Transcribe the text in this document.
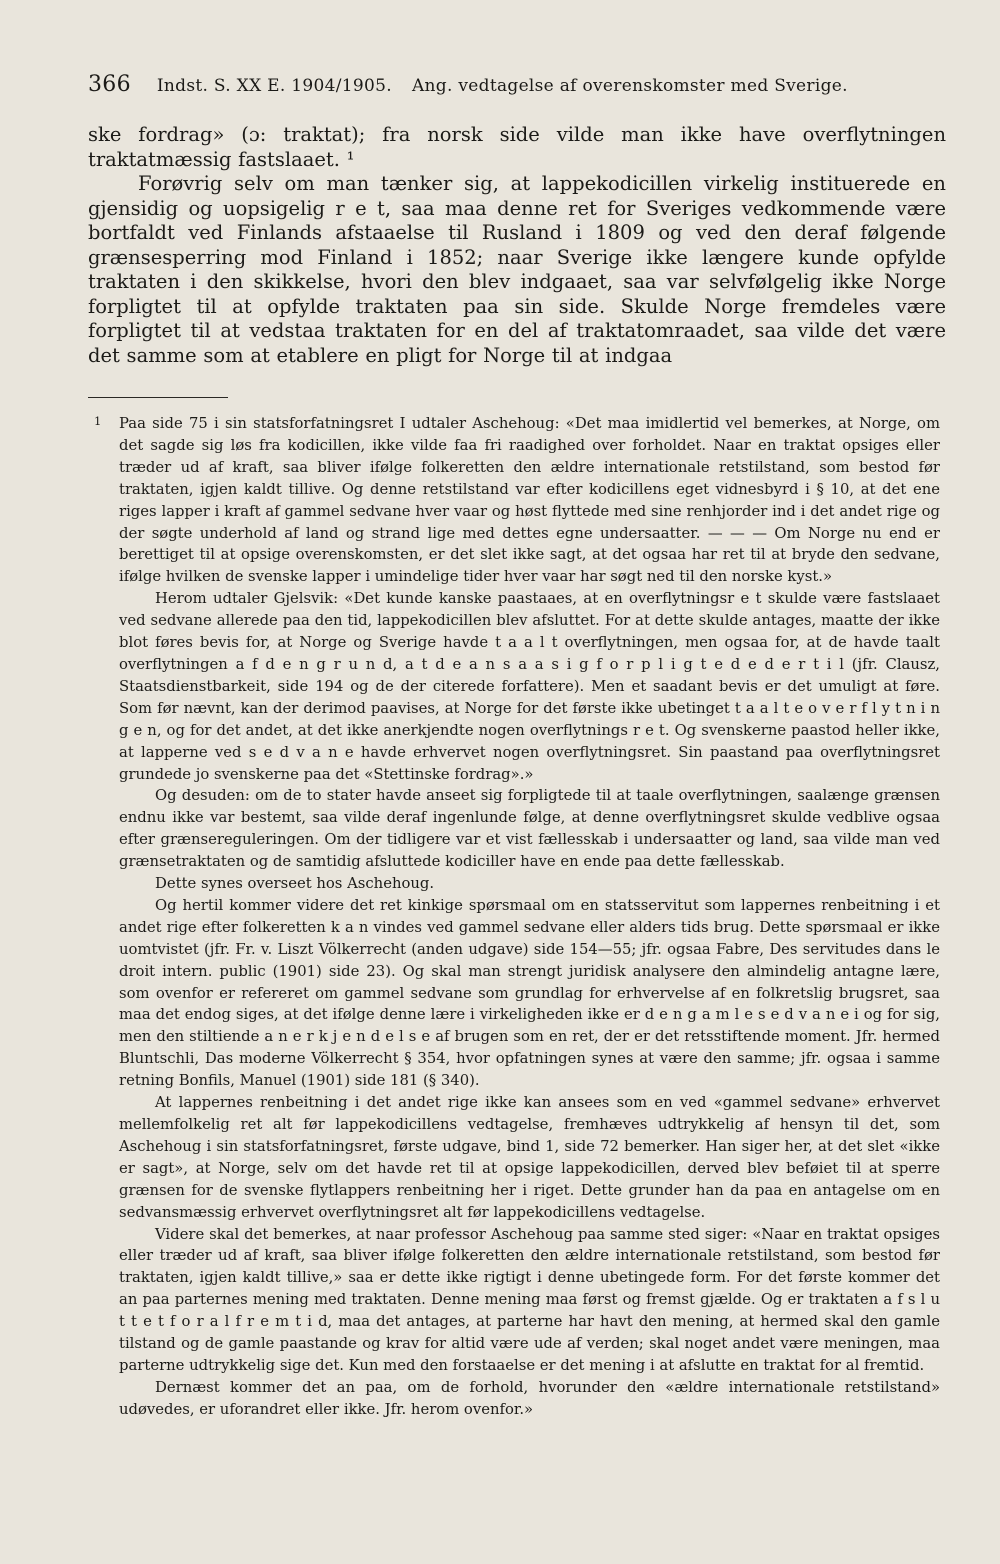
366 Indst. S. XX E. 1904/1905. Ang. vedtagelse af overenskomster med Sverige.

ske fordrag» (ɔ: traktat); fra norsk side vilde man ikke have overflytningen traktatmæssig fastslaaet. ¹

Forøvrig selv om man tænker sig, at lappekodicillen virkelig instituerede en gjensidig og uopsigelig r e t, saa maa denne ret for Sveriges vedkommende være bortfaldt ved Finlands afstaaelse til Rusland i 1809 og ved den deraf følgende grænsesperring mod Finland i 1852; naar Sverige ikke længere kunde opfylde traktaten i den skikkelse, hvori den blev indgaaet, saa var selvfølgelig ikke Norge forpligtet til at opfylde traktaten paa sin side. Skulde Norge fremdeles være forpligtet til at vedstaa traktaten for en del af traktatomraadet, saa vilde det være det samme som at etablere en pligt for Norge til at indgaa

1 Paa side 75 i sin statsforfatningsret I udtaler Aschehoug: «Det maa imidlertid vel bemerkes, at Norge, om det sagde sig løs fra kodicillen, ikke vilde faa fri raadighed over forholdet. Naar en traktat opsiges eller træder ud af kraft, saa bliver ifølge folkeretten den ældre internationale retstilstand, som bestod før traktaten, igjen kaldt tillive. Og denne retstilstand var efter kodicillens eget vidnesbyrd i § 10, at det ene riges lapper i kraft af gammel sedvane hver vaar og høst flyttede med sine renhjorder ind i det andet rige og der søgte underhold af land og strand lige med dettes egne undersaatter. — — — Om Norge nu end er berettiget til at opsige overenskomsten, er det slet ikke sagt, at det ogsaa har ret til at bryde den sedvane, ifølge hvilken de svenske lapper i umindelige tider hver vaar har søgt ned til den norske kyst.»

Herom udtaler Gjelsvik: «Det kunde kanske paastaaes, at en overflytningsr e t skulde være fastslaaet ved sedvane allerede paa den tid, lappekodicillen blev afsluttet. For at dette skulde antages, maatte der ikke blot føres bevis for, at Norge og Sverige havde t a a l t overflytningen, men ogsaa for, at de havde taalt overflytningen a f d e n g r u n d, a t d e a n s a a s i g f o r p l i g t e d e d e r t i l (jfr. Clausz, Staatsdienstbarkeit, side 194 og de der citerede forfattere). Men et saadant bevis er det umuligt at føre. Som før nævnt, kan der derimod paavises, at Norge for det første ikke ubetinget t a a l t e o v e r f l y t n i n g e n, og for det andet, at det ikke anerkjendte nogen overflytnings r e t. Og svenskerne paastod heller ikke, at lapperne ved s e d v a n e havde erhvervet nogen overflytningsret. Sin paastand paa overflytningsret grundede jo svenskerne paa det «Stettinske fordrag».»

Og desuden: om de to stater havde anseet sig forpligtede til at taale overflytningen, saalænge grænsen endnu ikke var bestemt, saa vilde deraf ingenlunde følge, at denne overflytningsret skulde vedblive ogsaa efter grænsereguleringen. Om der tidligere var et vist fællesskab i undersaatter og land, saa vilde man ved grænsetraktaten og de samtidig afsluttede kodiciller have en ende paa dette fællesskab.

Dette synes overseet hos Aschehoug.

Og hertil kommer videre det ret kinkige spørsmaal om en statsservitut som lappernes renbeitning i et andet rige efter folkeretten k a n vindes ved gammel sedvane eller alders tids brug. Dette spørsmaal er ikke uomtvistet (jfr. Fr. v. Liszt Völkerrecht (anden udgave) side 154—55; jfr. ogsaa Fabre, Des servitudes dans le droit intern. public (1901) side 23). Og skal man strengt juridisk analysere den almindelig antagne lære, som ovenfor er refereret om gammel sedvane som grundlag for erhvervelse af en folkretslig brugsret, saa maa det endog siges, at det ifølge denne lære i virkeligheden ikke er d e n g a m l e s e d v a n e i og for sig, men den stiltiende a n e r k j e n d e l s e af brugen som en ret, der er det retsstiftende moment. Jfr. hermed Bluntschli, Das moderne Völkerrecht § 354, hvor opfatningen synes at være den samme; jfr. ogsaa i samme retning Bonfils, Manuel (1901) side 181 (§ 340).

At lappernes renbeitning i det andet rige ikke kan ansees som en ved «gammel sedvane» erhvervet mellemfolkelig ret alt før lappekodicillens vedtagelse, fremhæves udtrykkelig af hensyn til det, som Aschehoug i sin statsforfatningsret, første udgave, bind 1, side 72 bemerker. Han siger her, at det slet «ikke er sagt», at Norge, selv om det havde ret til at opsige lappekodicillen, derved blev beføiet til at sperre grænsen for de svenske flytlappers renbeitning her i riget. Dette grunder han da paa en antagelse om en sedvansmæssig erhvervet overflytningsret alt før lappekodicillens vedtagelse.

Videre skal det bemerkes, at naar professor Aschehoug paa samme sted siger: «Naar en traktat opsiges eller træder ud af kraft, saa bliver ifølge folkeretten den ældre internationale retstilstand, som bestod før traktaten, igjen kaldt tillive,» saa er dette ikke rigtigt i denne ubetingede form. For det første kommer det an paa parternes mening med traktaten. Denne mening maa først og fremst gjælde. Og er traktaten a f s l u t t e t f o r a l f r e m t i d, maa det antages, at parterne har havt den mening, at hermed skal den gamle tilstand og de gamle paastande og krav for altid være ude af verden; skal noget andet være meningen, maa parterne udtrykkelig sige det. Kun med den forstaaelse er det mening i at afslutte en traktat for al fremtid.

Dernæst kommer det an paa, om de forhold, hvorunder den «ældre internationale retstilstand» udøvedes, er uforandret eller ikke. Jfr. herom ovenfor.»
